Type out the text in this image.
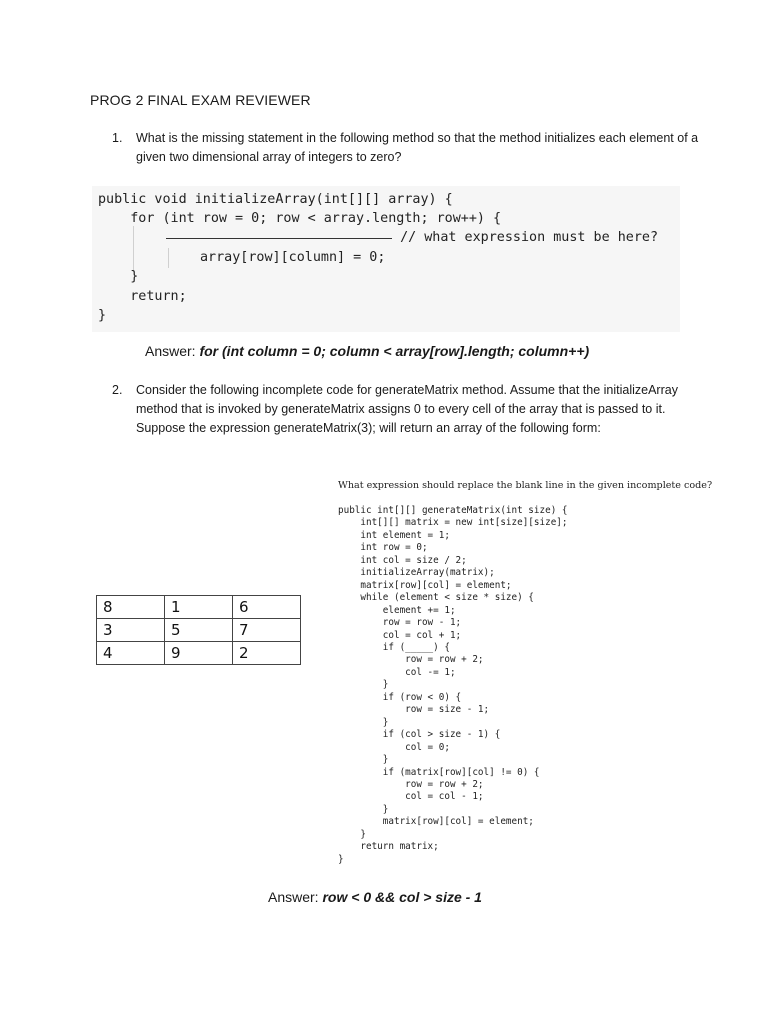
PROG 2 FINAL EXAM REVIEWER
1. What is the missing statement in the following method so that the method initializes each element of a given two dimensional array of integers to zero?
public void initializeArray(int[][] array) {
for (int row = 0; row < array.length; row++) {
// what expression must be here?
array[row][column] = 0;
}
return;
}
Answer: for (int column = 0; column < array[row].length; column++)
2. Consider the following incomplete code for generateMatrix method. Assume that the initializeArray method that is invoked by generateMatrix assigns 0 to every cell of the array that is passed to it. Suppose the expression generateMatrix(3); will return an array of the following form:
8	1	6
3	5	7
4	9	2
What expression should replace the blank line in the given incomplete code?
public int[][] generateMatrix(int size) {
int[][] matrix = new int[size][size];
int element = 1;
int row = 0;
int col = size / 2;
initializeArray(matrix);
matrix[row][col] = element;
while (element < size * size) {
element += 1;
row = row - 1;
col = col + 1;
if (_____) {
row = row + 2;
col -= 1;
}
if (row < 0) {
row = size - 1;
}
if (col > size - 1) {
col = 0;
}
if (matrix[row][col] != 0) {
row = row + 2;
col = col - 1;
}
matrix[row][col] = element;
}
return matrix;
}
Answer: row < 0 && col > size - 1
